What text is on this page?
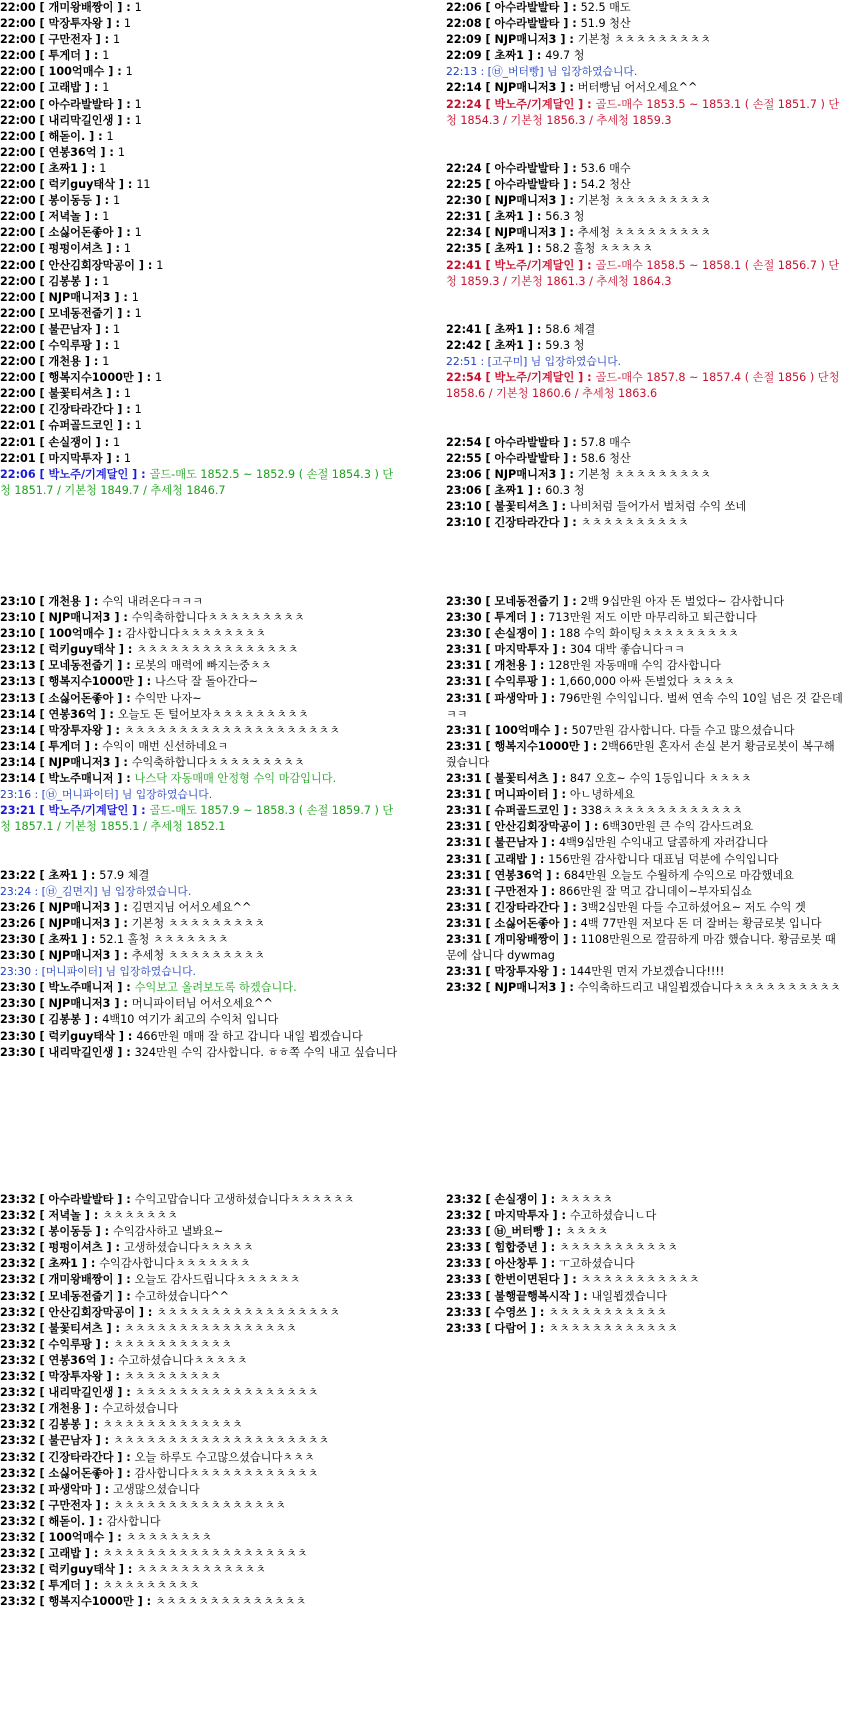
22:00 [ 개미왕배짱이 ] : 1
22:00 [ 막장투자왕 ] : 1
22:00 [ 구만전자 ] : 1
22:00 [ 투게더 ] : 1
22:00 [ 100억매수 ] : 1
22:00 [ 고래밥 ] : 1
22:00 [ 아수라발발타 ] : 1
22:00 [ 내리막길인생 ] : 1
22:00 [ 해돋이. ] : 1
22:00 [ 연봉36억 ] : 1
22:00 [ 초짜1 ] : 1
22:00 [ 럭키guy태삭 ] : 11
22:00 [ 봉이동등 ] : 1
22:00 [ 저녁놀 ] : 1
22:00 [ 소싫어돈좋아 ] : 1
22:00 [ 펑펑이셔츠 ] : 1
22:00 [ 안산김회장막공이 ] : 1
22:00 [ 김봉봉 ] : 1
22:00 [ NJP매니저3 ] : 1
22:00 [ 모네동전줍기 ] : 1
22:00 [ 불끈남자 ] : 1
22:00 [ 수익루팡 ] : 1
22:00 [ 개천용 ] : 1
22:00 [ 행복지수1000만 ] : 1
22:00 [ 불꽃티셔츠 ] : 1
22:00 [ 긴장타라간다 ] : 1
22:01 [ 슈퍼골드코인 ] : 1
22:01 [ 손실쟁이 ] : 1
22:01 [ 마지막투자 ] : 1
22:06 [ 박노주/기계달인 ] : 골드-매도 1852.5 ~ 1852.9 ( 손절 1854.3 ) 단청 1851.7 / 기본청 1849.7 / 추세청 1846.7
22:06 [ 아수라발발타 ] : 52.5 매도
22:08 [ 아수라발발타 ] : 51.9 청산
22:09 [ NJP매니저3 ] : 기본청 ㅊㅊㅊㅊㅊㅊㅊㅊㅊ
22:09 [ 초짜1 ] : 49.7 청
22:13 : [㉥_버터빵] 님 입장하였습니다.
22:14 [ NJP매니저3 ] : 버터빵님 어서오세요^^
22:24 [ 박노주/기계달인 ] : 골드-매수 1853.5 ~ 1853.1 ( 손절 1851.7 ) 단청 1854.3 / 기본청 1856.3 / 추세청 1859.3
22:24 [ 아수라발발타 ] : 53.6 매수
22:25 [ 아수라발발타 ] : 54.2 청산
22:30 [ NJP매니저3 ] : 기본청 ㅊㅊㅊㅊㅊㅊㅊㅊㅊ
22:31 [ 초짜1 ] : 56.3 청
22:34 [ NJP매니저3 ] : 추세청 ㅊㅊㅊㅊㅊㅊㅊㅊㅊ
22:35 [ 초짜1 ] : 58.2 홀청 ㅊㅊㅊㅊㅊ
22:41 [ 박노주/기계달인 ] : 골드-매수 1858.5 ~ 1858.1 ( 손절 1856.7 ) 단청 1859.3 / 기본청 1861.3 / 추세청 1864.3
22:41 [ 초짜1 ] : 58.6 체결
22:42 [ 초짜1 ] : 59.3 청
22:51 : [고구미] 님 입장하였습니다.
22:54 [ 박노주/기계달인 ] : 골드-매수 1857.8 ~ 1857.4 ( 손절 1856 ) 단청 1858.6 / 기본청 1860.6 / 추세청 1863.6
22:54 [ 아수라발발타 ] : 57.8 매수
22:55 [ 아수라발발타 ] : 58.6 청산
23:06 [ NJP매니저3 ] : 기본청 ㅊㅊㅊㅊㅊㅊㅊㅊㅊ
23:06 [ 초짜1 ] : 60.3 청
23:10 [ 불꽃티셔츠 ] : 나비처럼 들어가서 벌처럼 수익 쏘네
23:10 [ 긴장타라간다 ] : ㅊㅊㅊㅊㅊㅊㅊㅊㅊㅊ
23:10 [ 개천용 ] : 수익 내려온다ㅋㅋㅋ
23:10 [ NJP매니저3 ] : 수익축하합니다ㅊㅊㅊㅊㅊㅊㅊㅊㅊ
23:10 [ 100억매수 ] : 감사합니다ㅊㅊㅊㅊㅊㅊㅊㅊ
23:12 [ 럭키guy태삭 ] : ㅊㅊㅊㅊㅊㅊㅊㅊㅊㅊㅊㅊㅊㅊㅊ
23:13 [ 모네동전줍기 ] : 로봇의 매력에 빠지는중ㅊㅊ
23:13 [ 행복지수1000만 ] : 나스닥 잘 돌아간다~
23:13 [ 소싫어돈좋아 ] : 수익만 나자~
23:14 [ 연봉36억 ] : 오늘도 돈 털어보자ㅊㅊㅊㅊㅊㅊㅊㅊㅊ
23:14 [ 막장투자왕 ] : ㅊㅊㅊㅊㅊㅊㅊㅊㅊㅊㅊㅊㅊㅊㅊㅊㅊㅊㅊㅊ
23:14 [ 투게더 ] : 수익이 매번 신선하네요ㅋ
23:14 [ NJP매니저3 ] : 수익축하합니다ㅊㅊㅊㅊㅊㅊㅊㅊㅊ
23:14 [ 박노주매니저 ] : 나스닥 자동매매 안정형 수익 마감입니다.
23:16 : [㉥_머니파이터] 님 입장하였습니다.
23:21 [ 박노주/기계달인 ] : 골드-매도 1857.9 ~ 1858.3 ( 손절 1859.7 ) 단청 1857.1 / 기본청 1855.1 / 추세청 1852.1
23:22 [ 초짜1 ] : 57.9 체결
23:24 : [㉥_김면지] 님 입장하였습니다.
23:26 [ NJP매니저3 ] : 김면지님 어서오세요^^
23:26 [ NJP매니저3 ] : 기본청 ㅊㅊㅊㅊㅊㅊㅊㅊㅊ
23:30 [ 초짜1 ] : 52.1 홀청 ㅊㅊㅊㅊㅊㅊㅊ
23:30 [ NJP매니저3 ] : 추세청 ㅊㅊㅊㅊㅊㅊㅊㅊㅊ
23:30 : [머니파이터] 님 입장하였습니다.
23:30 [ 박노주매니저 ] : 수익보고 올려보도록 하겠습니다.
23:30 [ NJP매니저3 ] : 머니파이터님 어서오세요^^
23:30 [ 김봉봉 ] : 4백10 여기가 최고의 수익처 입니다
23:30 [ 럭키guy태삭 ] : 466만원 매매 잘 하고 갑니다 내일 뵙겠습니다
23:30 [ 내리막길인생 ] : 324만원 수익 감사합니다. ㅎㅎ쪽 수익 내고 싶습니다
23:30 [ 모네동전줍기 ] : 2백 9십만원 아자 돈 벌었다~ 감사합니다
23:30 [ 투게더 ] : 713만원 저도 이만 마무리하고 퇴근합니다
23:30 [ 손실쟁이 ] : 188 수익 화이팅ㅊㅊㅊㅊㅊㅊㅊㅊㅊ
23:31 [ 마지막투자 ] : 304 대박 좋습니다ㅋㅋ
23:31 [ 개천용 ] : 128만원 자동매매 수익 감사합니다
23:31 [ 수익루팡 ] : 1,660,000 아싸 돈벌었다 ㅊㅊㅊㅊ
23:31 [ 파생악마 ] : 796만원 수익입니다. 벌써 연속 수익 10일 넘은 것 같은데ㅋㅋ
23:31 [ 100억매수 ] : 507만원 감사합니다. 다들 수고 많으셨습니다
23:31 [ 행복지수1000만 ] : 2백66만원 혼자서 손실 본거 황금로봇이 복구해줬습니다
23:31 [ 불꽃티셔츠 ] : 847 오호~ 수익 1등입니다 ㅊㅊㅊㅊ
23:31 [ 머니파이터 ] : 아ㄴ녕하세요
23:31 [ 슈퍼골드코인 ] : 338ㅊㅊㅊㅊㅊㅊㅊㅊㅊㅊㅊㅊㅊ
23:31 [ 안산김회장막공이 ] : 6백30만원 큰 수익 감사드려요
23:31 [ 불끈남자 ] : 4백9십만원 수익내고 달콤하게 자러갑니다
23:31 [ 고래밥 ] : 156만원 감사합니다 대표님 덕분에 수익입니다
23:31 [ 연봉36억 ] : 684만원 오늘도 수월하게 수익으로 마감했네요
23:31 [ 구만전자 ] : 866만원 잘 먹고 갑니데이~부자되십쇼
23:31 [ 긴장타라간다 ] : 3백2십만원 다들 수고하셨어요~ 저도 수익 겟
23:31 [ 소싫어돈좋아 ] : 4백 77만원 저보다 돈 더 잘버는 황금로봇 입니다
23:31 [ 개미왕배짱이 ] : 1108만원으로 깔끔하게 마감 했습니다. 황금로봇 때문에 삽니다 dywmag
23:31 [ 막장투자왕 ] : 144만원 먼저 가보겠습니다!!!!
23:32 [ NJP매니저3 ] : 수익축하드리고 내일뵙겠습니다ㅊㅊㅊㅊㅊㅊㅊㅊㅊㅊ
23:32 [ 아수라발발타 ] : 수익고맙습니다 고생하셨습니다ㅊㅊㅊㅊㅊㅊ
23:32 [ 저녁놀 ] : ㅊㅊㅊㅊㅊㅊㅊ
23:32 [ 봉이동등 ] : 수익감사하고 낼봐요~
23:32 [ 펑펑이셔츠 ] : 고생하셨습니다ㅊㅊㅊㅊㅊ
23:32 [ 초짜1 ] : 수익감사합니다ㅊㅊㅊㅊㅊㅊㅊ
23:32 [ 개미왕배짱이 ] : 오늘도 감사드립니다ㅊㅊㅊㅊㅊㅊ
23:32 [ 모네동전줍기 ] : 수고하셨습니다^^
23:32 [ 안산김회장막공이 ] : ㅊㅊㅊㅊㅊㅊㅊㅊㅊㅊㅊㅊㅊㅊㅊㅊㅊ
23:32 [ 불꽃티셔츠 ] : ㅊㅊㅊㅊㅊㅊㅊㅊㅊㅊㅊㅊㅊㅊㅊㅊ
23:32 [ 수익루팡 ] : ㅊㅊㅊㅊㅊㅊㅊㅊㅊㅊㅊ
23:32 [ 연봉36억 ] : 수고하셨습니다ㅊㅊㅊㅊㅊ
23:32 [ 막장투자왕 ] : ㅊㅊㅊㅊㅊㅊㅊㅊㅊ
23:32 [ 내리막길인생 ] : ㅊㅊㅊㅊㅊㅊㅊㅊㅊㅊㅊㅊㅊㅊㅊㅊㅊ
23:32 [ 개천용 ] : 수고하셨습니다
23:32 [ 김봉봉 ] : ㅊㅊㅊㅊㅊㅊㅊㅊㅊㅊㅊㅊㅊ
23:32 [ 불끈남자 ] : ㅊㅊㅊㅊㅊㅊㅊㅊㅊㅊㅊㅊㅊㅊㅊㅊㅊㅊㅊㅊ
23:32 [ 긴장타라간다 ] : 오늘 하루도 수고많으셨습니다ㅊㅊㅊ
23:32 [ 소싫어돈좋아 ] : 감사합니다ㅊㅊㅊㅊㅊㅊㅊㅊㅊㅊㅊㅊ
23:32 [ 파생악마 ] : 고생많으셨습니다
23:32 [ 구만전자 ] : ㅊㅊㅊㅊㅊㅊㅊㅊㅊㅊㅊㅊㅊㅊㅊㅊ
23:32 [ 해돋이. ] : 감사합니다
23:32 [ 100억매수 ] : ㅊㅊㅊㅊㅊㅊㅊㅊ
23:32 [ 고래밥 ] : ㅊㅊㅊㅊㅊㅊㅊㅊㅊㅊㅊㅊㅊㅊㅊㅊㅊㅊㅊ
23:32 [ 럭키guy태삭 ] : ㅊㅊㅊㅊㅊㅊㅊㅊㅊㅊㅊㅊ
23:32 [ 투게더 ] : ㅊㅊㅊㅊㅊㅊㅊㅊㅊ
23:32 [ 행복지수1000만 ] : ㅊㅊㅊㅊㅊㅊㅊㅊㅊㅊㅊㅊㅊㅊ
23:32 [ 손실쟁이 ] : ㅊㅊㅊㅊㅊ
23:32 [ 마지막투자 ] : 수고하셨습니ㄴ다
23:33 [ ㉥_버터빵 ] : ㅊㅊㅊㅊ
23:33 [ 힘합중년 ] : ㅊㅊㅊㅊㅊㅊㅊㅊㅊㅊㅊ
23:33 [ 아산창투 ] : ㅜ고하셨습니다
23:33 [ 한번이면된다 ] : ㅊㅊㅊㅊㅊㅊㅊㅊㅊㅊㅊ
23:33 [ 불행끝행복시작 ] : 내일뵙겠습니다
23:33 [ 수영쓰 ] : ㅊㅊㅊㅊㅊㅊㅊㅊㅊㅊㅊ
23:33 [ 다람어 ] : ㅊㅊㅊㅊㅊㅊㅊㅊㅊㅊㅊㅊ
